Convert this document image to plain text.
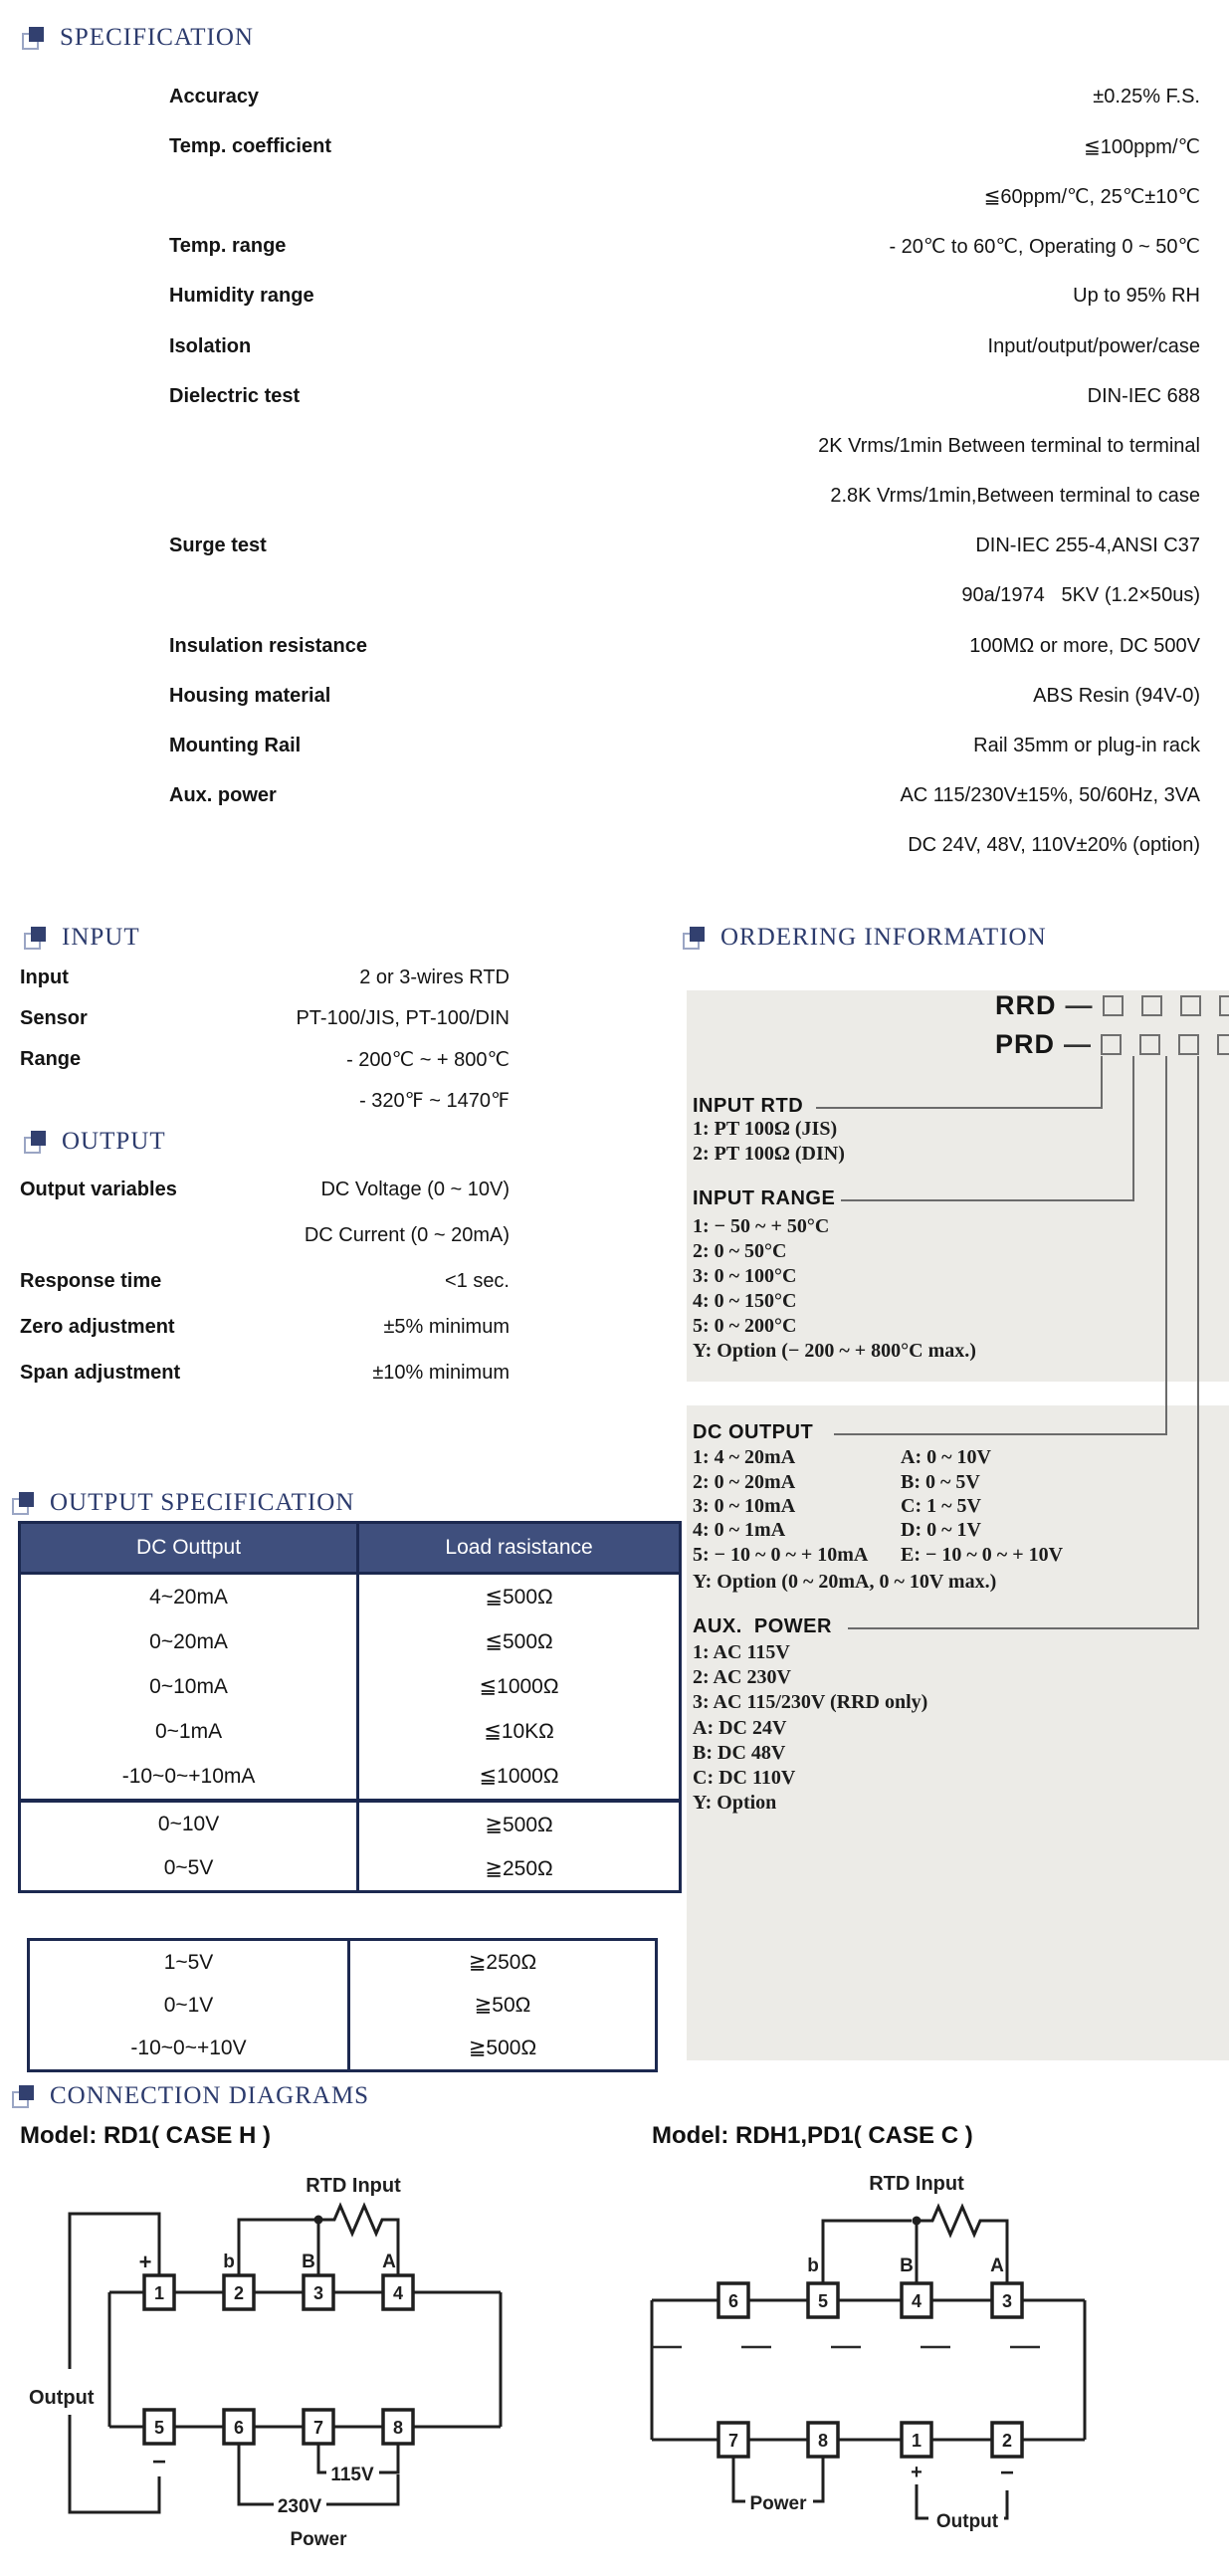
SPECIFICATION
Accuracy	±0.25% F.S.
Temp. coefficient	≦100ppm/℃
≦60ppm/℃, 25℃±10℃
Temp. range	- 20℃ to 60℃, Operating 0 ~ 50℃
Humidity range	Up to 95% RH
Isolation	Input/output/power/case
Dielectric test	DIN-IEC 688
2K Vrms/1min Between terminal to terminal
2.8K Vrms/1min,Between terminal to case
Surge test	DIN-IEC 255-4,ANSI C37
90a/1974   5KV (1.2×50us)
Insulation resistance	100MΩ or more, DC 500V
Housing material	ABS Resin (94V-0)
Mounting Rail	Rail 35mm or plug-in rack
Aux. power	AC 115/230V±15%, 50/60Hz, 3VA
DC 24V, 48V, 110V±20% (option)
INPUT
Input	2 or 3-wires RTD
Sensor	PT-100/JIS, PT-100/DIN
Range	- 200℃ ~ + 800℃
- 320℉ ~ 1470℉
OUTPUT
Output variables	DC Voltage (0 ~ 10V)
DC Current (0 ~ 20mA)
Response time	<1 sec.
Zero adjustment	±5% minimum
Span adjustment	±10% minimum
OUTPUT SPECIFICATION
DC Outtput	Load rasistance
4~20mA	≦500Ω
0~20mA	≦500Ω
0~10mA	≦1000Ω
0~1mA	≦10KΩ
-10~0~+10mA	≦1000Ω
0~10V	≧500Ω
0~5V	≧250Ω
1~5V	≧250Ω
0~1V	≧50Ω
-10~0~+10V	≧500Ω
ORDERING INFORMATION
RRD —
PRD —
INPUT RTD
1: PT 100Ω (JIS)
2: PT 100Ω (DIN)
INPUT RANGE
1: − 50 ~ + 50°C
2: 0 ~ 50°C
3: 0 ~ 100°C
4: 0 ~ 150°C
5: 0 ~ 200°C
Y: Option (− 200 ~ + 800°C max.)
DC OUTPUT
1: 4 ~ 20mA
2: 0 ~ 20mA
3: 0 ~ 10mA
4: 0 ~ 1mA
5: − 10 ~ 0 ~ + 10mA
A: 0 ~ 10V
B: 0 ~ 5V
C: 1 ~ 5V
D: 0 ~ 1V
E: − 10 ~ 0 ~ + 10V
Y: Option (0 ~ 20mA, 0 ~ 10V max.)
AUX.  POWER
1: AC 115V
2: AC 230V
3: AC 115/230V (RRD only)
A: DC 24V
B: DC 48V
C: DC 110V
Y: Option
CONNECTION DIAGRAMS
Model: RD1( CASE H )	Model: RDH1,PD1( CASE C )
RTD Input
Output
+
−
b	B	A
115V
230V
Power
1	2	3	4
5	6	7	8
RTD Input
b	B	A
Power
+	−
Output
6	5	4	3
7	8	1	2
